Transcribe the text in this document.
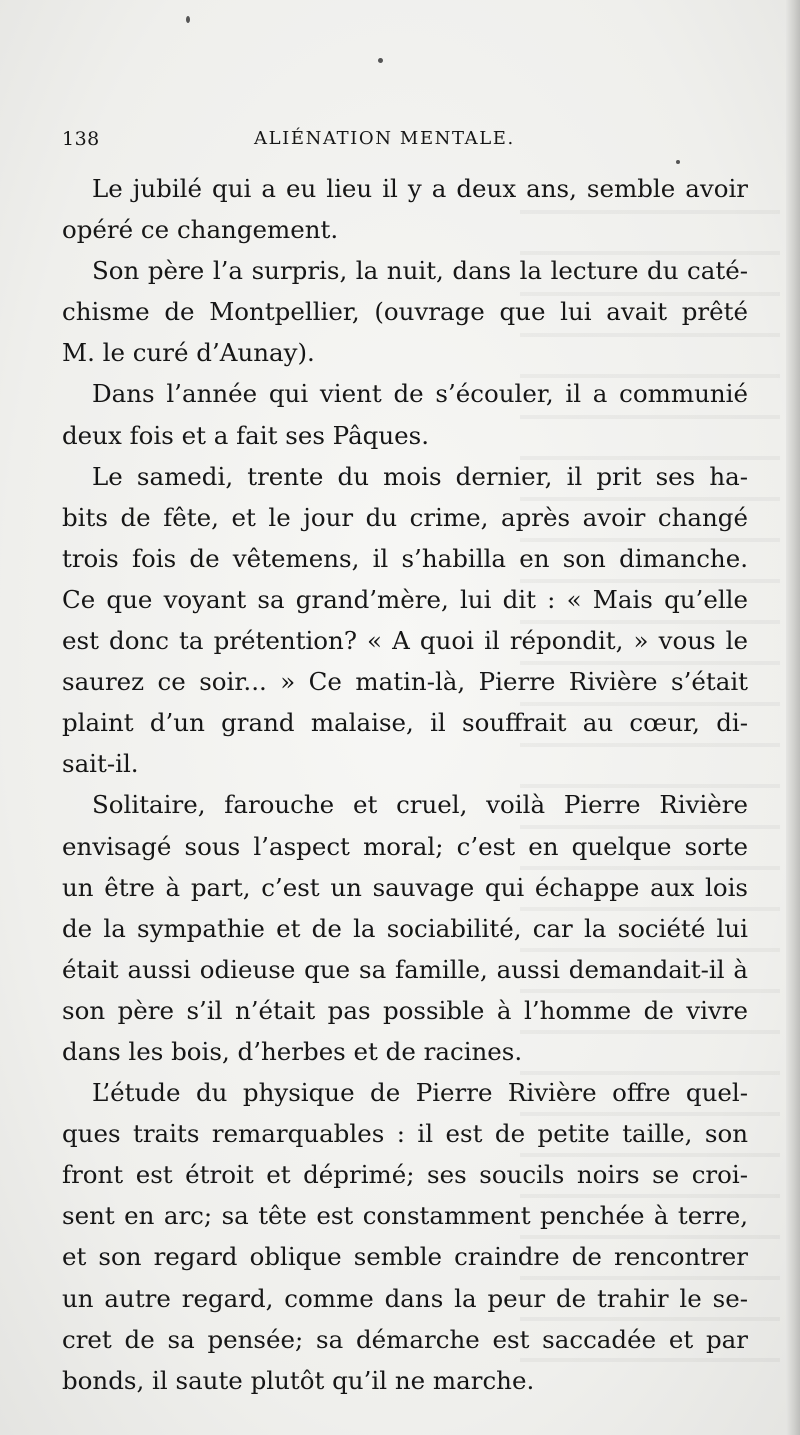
138	ALIÉNATION MENTALE.
Le jubilé qui a eu lieu il y a deux ans, semble avoir
opéré ce changement.
Son père l’a surpris, la nuit, dans la lecture du caté-
chisme de Montpellier, (ouvrage que lui avait prêté
M. le curé d’Aunay).
Dans l’année qui vient de s’écouler, il a communié
deux fois et a fait ses Pâques.
Le samedi, trente du mois dernier, il prit ses ha-
bits de fête, et le jour du crime, après avoir changé
trois fois de vêtemens, il s’habilla en son dimanche.
Ce que voyant sa grand’mère, lui dit : « Mais qu’elle
est donc ta prétention? « A quoi il répondit, » vous le
saurez ce soir... » Ce matin-là, Pierre Rivière s’était
plaint d’un grand malaise, il souffrait au cœur, di-
sait-il.
Solitaire, farouche et cruel, voilà Pierre Rivière
envisagé sous l’aspect moral; c’est en quelque sorte
un être à part, c’est un sauvage qui échappe aux lois
de la sympathie et de la sociabilité, car la société lui
était aussi odieuse que sa famille, aussi demandait-il à
son père s’il n’était pas possible à l’homme de vivre
dans les bois, d’herbes et de racines.
L’étude du physique de Pierre Rivière offre quel-
ques traits remarquables : il est de petite taille, son
front est étroit et déprimé; ses soucils noirs se croi-
sent en arc; sa tête est constamment penchée à terre,
et son regard oblique semble craindre de rencontrer
un autre regard, comme dans la peur de trahir le se-
cret de sa pensée; sa démarche est saccadée et par
bonds, il saute plutôt qu’il ne marche.
